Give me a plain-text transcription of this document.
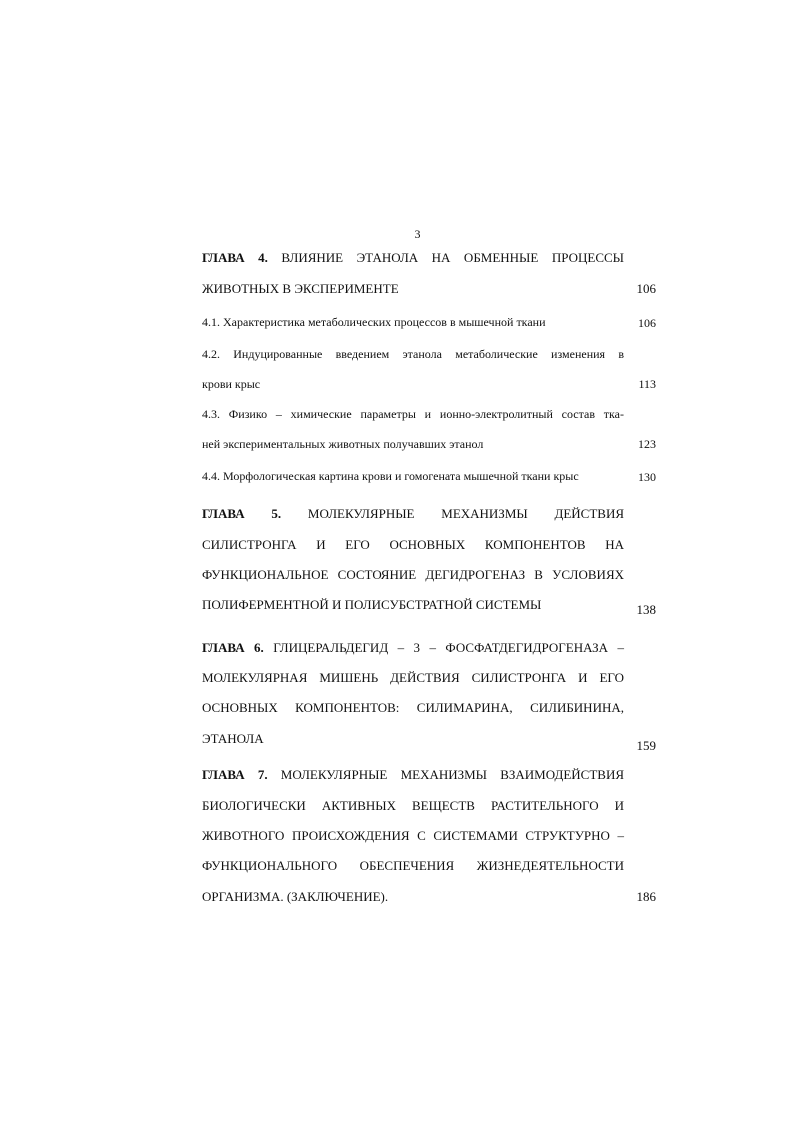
3
ГЛАВА 4. ВЛИЯНИЕ ЭТАНОЛА НА ОБМЕННЫЕ ПРОЦЕССЫ
ЖИВОТНЫХ В ЭКСПЕРИМЕНТЕ	106
4.1. Характеристика метаболических процессов в мышечной ткани	106
4.2. Индуцированные введением этанола метаболические изменения в
крови крыс	113
4.3. Физико – химические параметры и ионно-электролитный состав тка-
ней экспериментальных животных получавших этанол	123
4.4. Морфологическая картина крови и гомогената мышечной ткани крыс	130
ГЛАВА 5. МОЛЕКУЛЯРНЫЕ МЕХАНИЗМЫ ДЕЙСТВИЯ
СИЛИСТРОНГА И ЕГО ОСНОВНЫХ КОМПОНЕНТОВ НА
ФУНКЦИОНАЛЬНОЕ СОСТОЯНИЕ ДЕГИДРОГЕНАЗ В УСЛОВИЯХ
ПОЛИФЕРМЕНТНОЙ И ПОЛИСУБСТРАТНОЙ СИСТЕМЫ	138
ГЛАВА 6. ГЛИЦЕРАЛЬДЕГИД – 3 – ФОСФАТДЕГИДРОГЕНАЗА –
МОЛЕКУЛЯРНАЯ МИШЕНЬ ДЕЙСТВИЯ СИЛИСТРОНГА И ЕГО
ОСНОВНЫХ КОМПОНЕНТОВ: СИЛИМАРИНА, СИЛИБИНИНА,
ЭТАНОЛА	159
ГЛАВА 7. МОЛЕКУЛЯРНЫЕ МЕХАНИЗМЫ ВЗАИМОДЕЙСТВИЯ
БИОЛОГИЧЕСКИ АКТИВНЫХ ВЕЩЕСТВ РАСТИТЕЛЬНОГО И
ЖИВОТНОГО ПРОИСХОЖДЕНИЯ С СИСТЕМАМИ СТРУКТУРНО –
ФУНКЦИОНАЛЬНОГО ОБЕСПЕЧЕНИЯ ЖИЗНЕДЕЯТЕЛЬНОСТИ
ОРГАНИЗМА. (ЗАКЛЮЧЕНИЕ).	186
